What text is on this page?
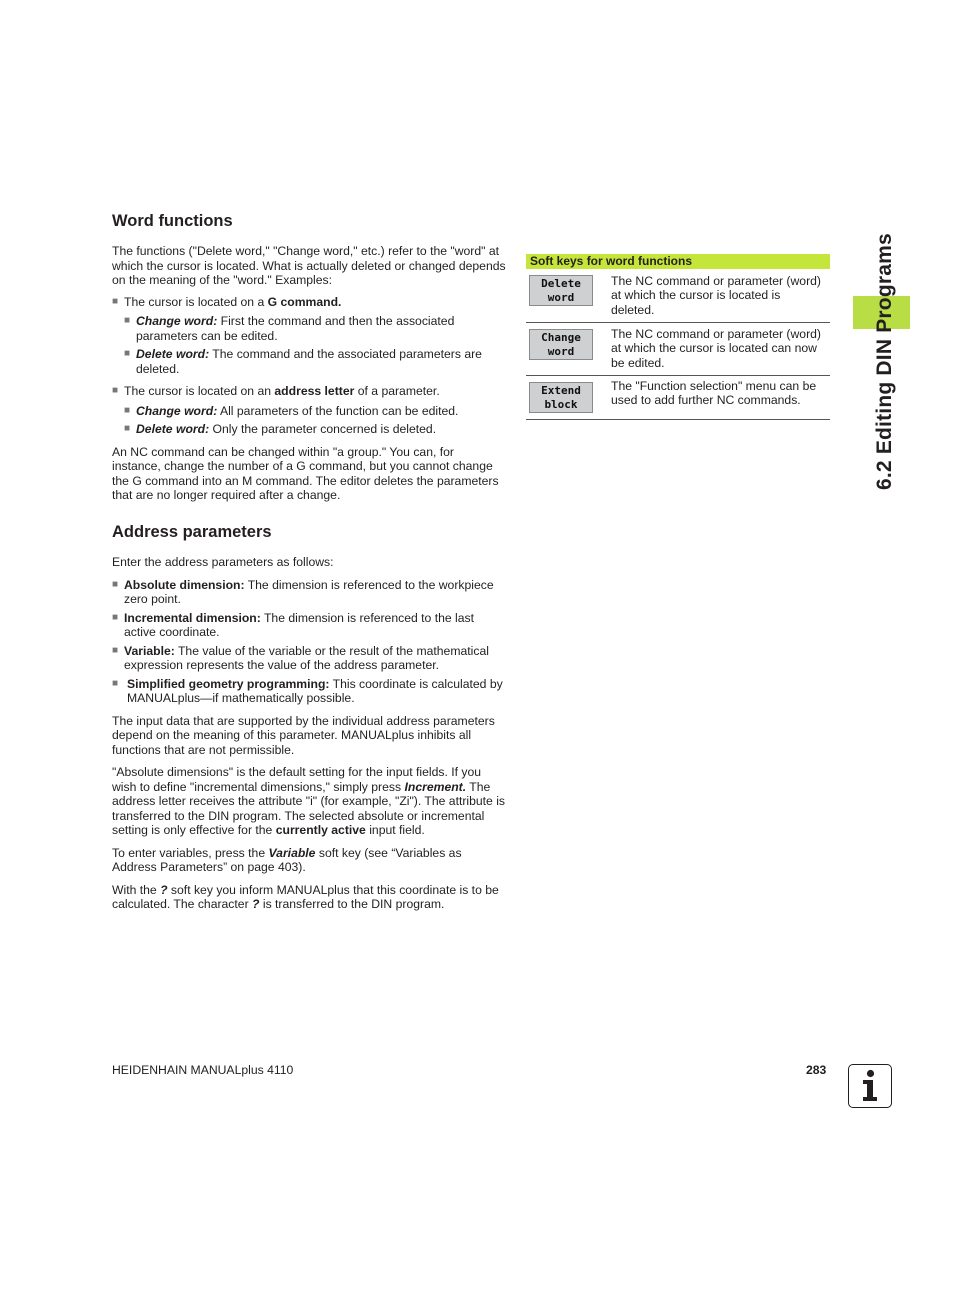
6.2 Editing DIN Programs
Word functions

The functions ("Delete word," "Change word," etc.) refer to the "word" at which the cursor is located. What is actually deleted or changed depends on the meaning of the "word." Examples:

■ The cursor is located on a G command.
■ Change word: First the command and then the associated parameters can be edited.
■ Delete word: The command and the associated parameters are deleted.
■ The cursor is located on an address letter of a parameter.
■ Change word: All parameters of the function can be edited.
■ Delete word: Only the parameter concerned is deleted.

An NC command can be changed within "a group." You can, for instance, change the number of a G command, but you cannot change the G command into an M command. The editor deletes the parameters that are no longer required after a change.

Address parameters

Enter the address parameters as follows:

■ Absolute dimension: The dimension is referenced to the workpiece zero point.
■ Incremental dimension: The dimension is referenced to the last active coordinate.
■ Variable: The value of the variable or the result of the mathematical expression represents the value of the address parameter.
■ Simplified geometry programming: This coordinate is calculated by MANUALplus—if mathematically possible.

The input data that are supported by the individual address parameters depend on the meaning of this parameter. MANUALplus inhibits all functions that are not permissible.

"Absolute dimensions" is the default setting for the input fields. If you wish to define "incremental dimensions," simply press Increment. The address letter receives the attribute "i" (for example, "Zi"). The attribute is transferred to the DIN program. The selected absolute or incremental setting is only effective for the currently active input field.

To enter variables, press the Variable soft key (see “Variables as Address Parameters” on page 403).

With the ? soft key you inform MANUALplus that this coordinate is to be calculated. The character ? is transferred to the DIN program.

Soft keys for word functions
Delete
word
The NC command or parameter (word) at which the cursor is located is deleted.
Change
word
The NC command or parameter (word) at which the cursor is located can now be edited.
Extend
block
The "Function selection" menu can be used to add further NC commands.
HEIDENHAIN MANUALplus 4110	283
